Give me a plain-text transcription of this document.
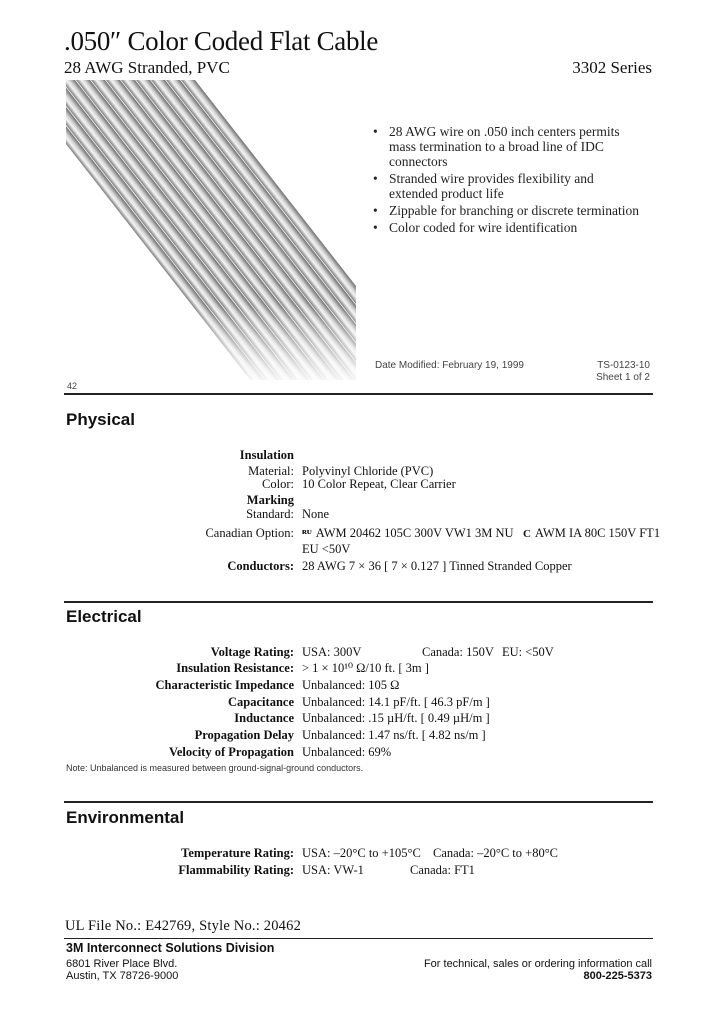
.050″ Color Coded Flat Cable
28 AWG Stranded, PVC	3302 Series
• 28 AWG wire on .050 inch centers permits mass termination to a broad line of IDC connectors
• Stranded wire provides flexibility and extended product life
• Zippable for branching or discrete termination
• Color coded for wire identification
Date Modified: February 19, 1999	TS-0123-10
Sheet 1 of 2
42
Physical
Insulation
Material: Polyvinyl Chloride (PVC)
Color: 10 Color Repeat, Clear Carrier
Marking
Standard: None
Canadian Option: ᴿᵁ AWM 20462 105C 300V VW1 3M NU C AWM IA 80C 150V FT1
EU <50V
Conductors: 28 AWG 7 × 36 [ 7 × 0.127 ] Tinned Stranded Copper
Electrical
Voltage Rating: USA: 300V	Canada: 150V EU: <50V
Insulation Resistance: > 1 × 10¹⁰ Ω/10 ft. [ 3m ]
Characteristic Impedance Unbalanced: 105 Ω
Capacitance Unbalanced: 14.1 pF/ft. [ 46.3 pF/m ]
Inductance Unbalanced: .15 µH/ft. [ 0.49 µH/m ]
Propagation Delay Unbalanced: 1.47 ns/ft. [ 4.82 ns/m ]
Velocity of Propagation Unbalanced: 69%
Note: Unbalanced is measured between ground-signal-ground conductors.
Environmental
Temperature Rating: USA: –20°C to +105°C Canada: –20°C to +80°C
Flammability Rating: USA: VW-1	Canada: FT1
UL File No.: E42769, Style No.: 20462
3M Interconnect Solutions Division
6801 River Place Blvd.
Austin, TX 78726-9000
For technical, sales or ordering information call
800-225-5373
